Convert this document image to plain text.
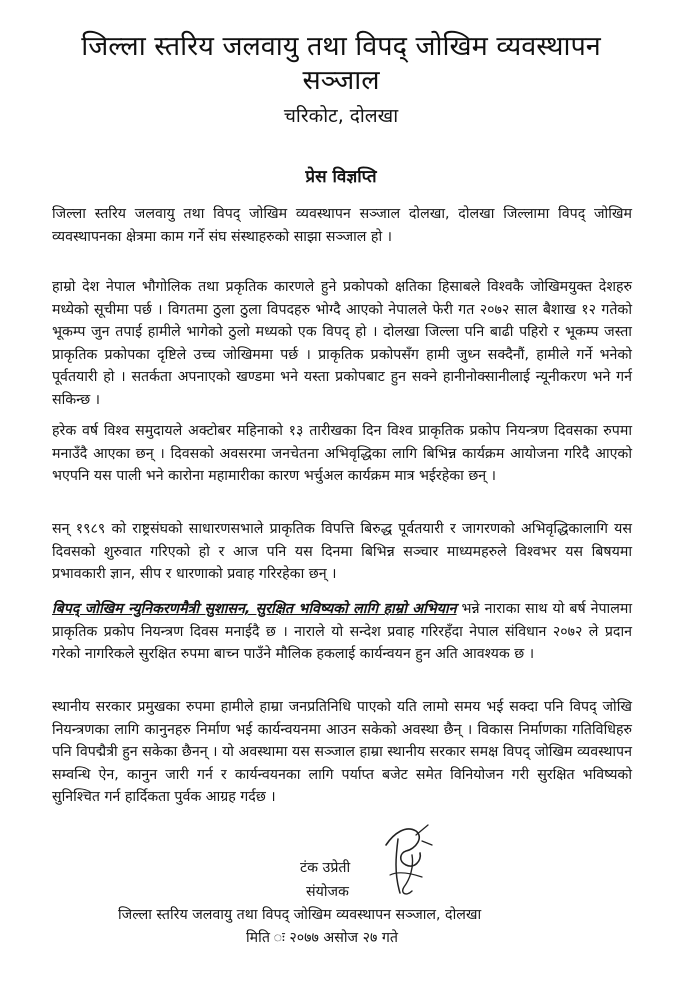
जिल्ला स्तरिय जलवायु तथा विपद् जोखिम व्यवस्थापन
सञ्जाल
चरिकोट, दोलखा
प्रेस विज्ञप्ति

जिल्ला स्तरिय जलवायु तथा विपद् जोखिम व्यवस्थापन सञ्जाल दोलखा, दोलखा जिल्लामा विपद् जोखिम व्यवस्थापनका क्षेत्रमा काम गर्ने संघ संस्थाहरुको साझा सञ्जाल हो ।

हाम्रो देश नेपाल भौगोलिक तथा प्रकृतिक कारणले हुने प्रकोपको क्षतिका हिसाबले विश्वकै जोखिमयुक्त देशहरु मध्येको सूचीमा पर्छ । विगतमा ठुला ठुला विपदहरु भोग्दै आएको नेपालले फेरी गत २०७२ साल बैशाख १२ गतेको भूकम्प जुन तपाई हामीले भागेको ठुलो मध्यको एक विपद् हो । दोलखा जिल्ला पनि बाढी पहिरो र भूकम्प जस्ता प्राकृतिक प्रकोपका दृष्टिले उच्च जोखिममा पर्छ । प्राकृतिक प्रकोपसँग हामी जुध्न सक्दैनौं, हामीले गर्ने भनेको पूर्वतयारी हो । सतर्कता अपनाएको खण्डमा भने यस्ता प्रकोपबाट हुन सक्ने हानीनोक्सानीलाई न्यूनीकरण भने गर्न सकिन्छ ।

हरेक वर्ष विश्व समुदायले अक्टोबर महिनाको १३ तारीखका दिन विश्व प्राकृतिक प्रकोप नियन्त्रण दिवसका रुपमा मनाउँदै आएका छन् । दिवसको अवसरमा जनचेतना अभिवृद्धिका लागि बिभिन्न कार्यक्रम आयोजना गरिदै आएको भएपनि यस पाली भने कारोना महामारीका कारण भर्चुअल कार्यक्रम मात्र भईरहेका छन् ।

सन् १९८९ को राष्ट्रसंघको साधारणसभाले प्राकृतिक विपत्ति बिरुद्ध पूर्वतयारी र जागरणको अभिवृद्धिकालागि यस दिवसको शुरुवात गरिएको हो र आज पनि यस दिनमा बिभिन्न सञ्चार माध्यमहरुले विश्वभर यस बिषयमा प्रभावकारी ज्ञान, सीप र धारणाको प्रवाह गरिरहेका छन् ।

बिपद् जोखिम न्युनिकरणमैत्री सुशासन, सुरक्षित भविष्यको लागि हाम्रो अभियान भन्ने नाराका साथ यो बर्ष नेपालमा प्राकृतिक प्रकोप नियन्त्रण दिवस मनाईदै छ । नाराले यो सन्देश प्रवाह गरिरहँदा नेपाल संविधान २०७२ ले प्रदान गरेको नागरिकले सुरक्षित रुपमा बाच्न पाउँने मौलिक हकलाई कार्यन्वयन हुन अति आवश्यक छ ।

स्थानीय सरकार प्रमुखका रुपमा हामीले हाम्रा जनप्रतिनिधि पाएको यति लामो समय भई सक्दा पनि विपद् जोखि नियन्त्रणका लागि कानुनहरु निर्माण भई कार्यन्वयनमा आउन सकेको अवस्था छैन् । विकास निर्माणका गतिविधिहरु पनि विपद्मैत्री हुन सकेका छैनन् । यो अवस्थामा यस सञ्जाल हाम्रा स्थानीय सरकार समक्ष विपद् जोखिम व्यवस्थापन सम्वन्धि ऐन, कानुन जारी गर्न र कार्यन्वयनका लागि पर्याप्त बजेट समेत विनियोजन गरी सुरक्षित भविष्यको सुनिश्चित गर्न हार्दिकता पुर्वक आग्रह गर्दछ ।

टंक उप्रेती
संयोजक
जिल्ला स्तरिय जलवायु तथा विपद् जोखिम व्यवस्थापन सञ्जाल, दोलखा
मिति ः २०७७ असोज २७ गते
